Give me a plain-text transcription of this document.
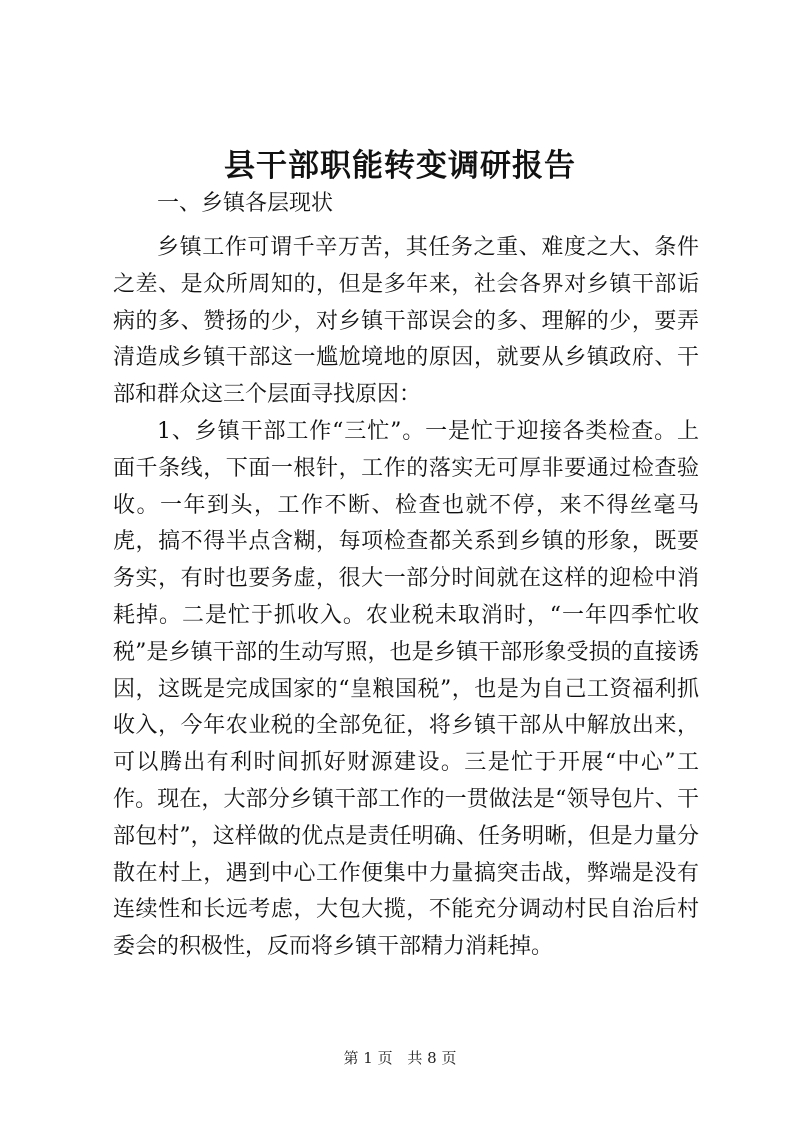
县干部职能转变调研报告

一、乡镇各层现状

乡镇工作可谓千辛万苦，其任务之重、难度之大、条件之差、是众所周知的，但是多年来，社会各界对乡镇干部诟病的多、赞扬的少，对乡镇干部误会的多、理解的少，要弄清造成乡镇干部这一尴尬境地的原因，就要从乡镇政府、干部和群众这三个层面寻找原因：

1、乡镇干部工作“三忙”。一是忙于迎接各类检查。上面千条线，下面一根针，工作的落实无可厚非要通过检查验收。一年到头，工作不断、检查也就不停，来不得丝毫马虎，搞不得半点含糊，每项检查都关系到乡镇的形象，既要务实，有时也要务虚，很大一部分时间就在这样的迎检中消耗掉。二是忙于抓收入。农业税未取消时，“一年四季忙收税”是乡镇干部的生动写照，也是乡镇干部形象受损的直接诱因，这既是完成国家的“皇粮国税”，也是为自己工资福利抓收入，今年农业税的全部免征，将乡镇干部从中解放出来，可以腾出有利时间抓好财源建设。三是忙于开展“中心”工作。现在，大部分乡镇干部工作的一贯做法是“领导包片、干部包村”，这样做的优点是责任明确、任务明晰，但是力量分散在村上，遇到中心工作便集中力量搞突击战，弊端是没有连续性和长远考虑，大包大揽，不能充分调动村民自治后村委会的积极性，反而将乡镇干部精力消耗掉。

第 1 页 共 8 页
